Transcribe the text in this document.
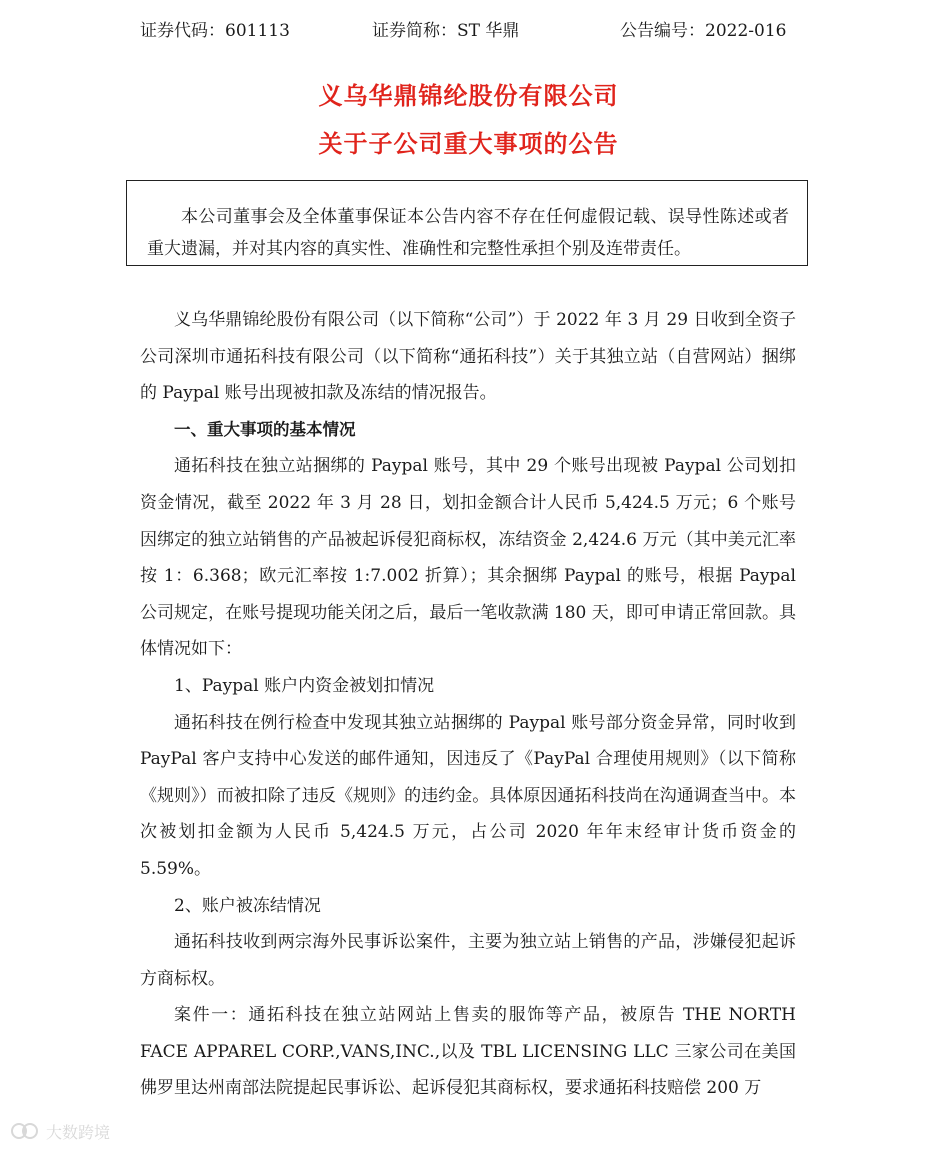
证券代码：601113	证券简称：ST 华鼎	公告编号：2022-016
义乌华鼎锦纶股份有限公司
关于子公司重大事项的公告

本公司董事会及全体董事保证本公告内容不存在任何虚假记载、误导性陈述或者重大遗漏，并对其内容的真实性、准确性和完整性承担个别及连带责任。

义乌华鼎锦纶股份有限公司（以下简称“公司”）于 2022 年 3 月 29 日收到全资子公司深圳市通拓科技有限公司（以下简称“通拓科技”）关于其独立站（自营网站）捆绑的 Paypal 账号出现被扣款及冻结的情况报告。

一、重大事项的基本情况

通拓科技在独立站捆绑的 Paypal 账号，其中 29 个账号出现被 Paypal 公司划扣资金情况，截至 2022 年 3 月 28 日，划扣金额合计人民币 5,424.5 万元；6 个账号因绑定的独立站销售的产品被起诉侵犯商标权，冻结资金 2,424.6 万元（其中美元汇率按 1：6.368；欧元汇率按 1:7.002 折算）；其余捆绑 Paypal 的账号，根据 Paypal 公司规定，在账号提现功能关闭之后，最后一笔收款满 180 天，即可申请正常回款。具体情况如下：

1、Paypal 账户内资金被划扣情况

通拓科技在例行检查中发现其独立站捆绑的 Paypal 账号部分资金异常，同时收到 PayPal 客户支持中心发送的邮件通知，因违反了《PayPal 合理使用规则》（以下简称《规则》）而被扣除了违反《规则》的违约金。具体原因通拓科技尚在沟通调查当中。本次被划扣金额为人民币 5,424.5 万元，占公司 2020 年年末经审计货币资金的 5.59%。

2、账户被冻结情况

通拓科技收到两宗海外民事诉讼案件，主要为独立站上销售的产品，涉嫌侵犯起诉方商标权。

案件一：通拓科技在独立站网站上售卖的服饰等产品，被原告 THE NORTH FACE APPAREL CORP.,VANS,INC.,以及 TBL LICENSING LLC 三家公司在美国佛罗里达州南部法院提起民事诉讼、起诉侵犯其商标权，要求通拓科技赔偿 200 万

大数跨境
